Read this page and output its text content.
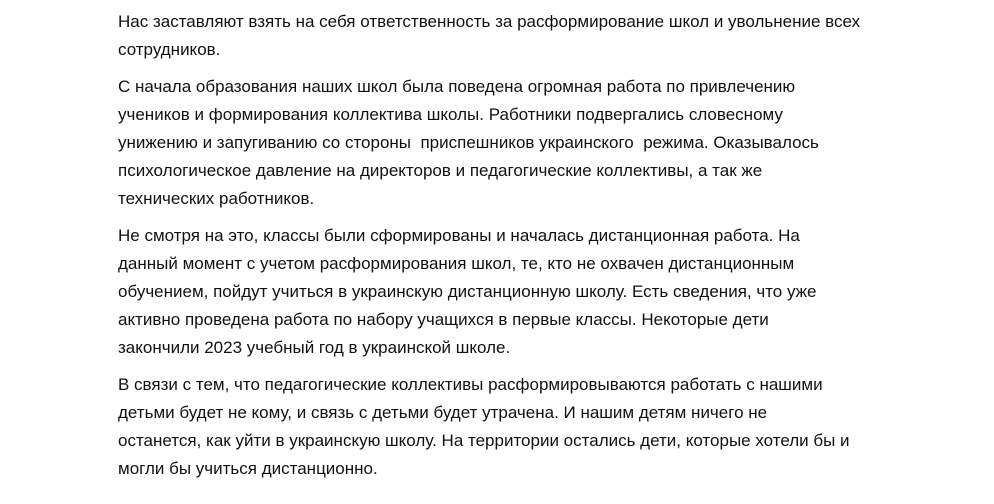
Нас заставляют взять на себя ответственность за расформирование школ и увольнение всех
сотрудников.

С начала образования наших школ была поведена огромная работа по привлечению
учеников и формирования коллектива школы. Работники подвергались словесному
унижению и запугиванию со стороны  приспешников украинского  режима. Оказывалось
психологическое давление на директоров и педагогические коллективы, а так же
технических работников.

Не смотря на это, классы были сформированы и началась дистанционная работа. На
данный момент с учетом расформирования школ, те, кто не охвачен дистанционным
обучением, пойдут учиться в украинскую дистанционную школу. Есть сведения, что уже
активно проведена работа по набору учащихся в первые классы. Некоторые дети
закончили 2023 учебный год в украинской школе.

В связи с тем, что педагогические коллективы расформировываются работать с нашими
детьми будет не кому, и связь с детьми будет утрачена. И нашим детям ничего не
останется, как уйти в украинскую школу. На территории остались дети, которые хотели бы и
могли бы учиться дистанционно.
